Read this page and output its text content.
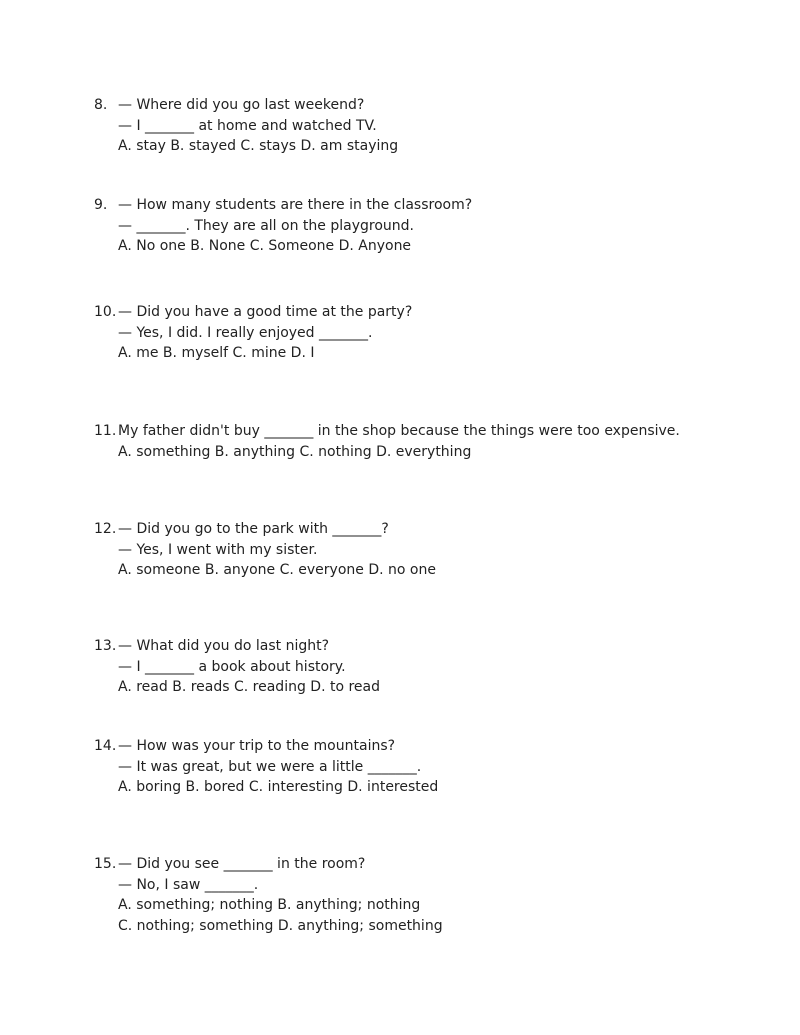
8. — Where did you go last weekend?
— I _______ at home and watched TV.
A. stay B. stayed C. stays D. am staying
9. — How many students are there in the classroom?
— _______. They are all on the playground.
A. No one B. None C. Someone D. Anyone
10. — Did you have a good time at the party?
— Yes, I did. I really enjoyed _______.
A. me B. myself C. mine D. I
11. My father didn't buy _______ in the shop because the things were too expensive.
A. something B. anything C. nothing D. everything
12. — Did you go to the park with _______?
— Yes, I went with my sister.
A. someone B. anyone C. everyone D. no one
13. — What did you do last night?
— I _______ a book about history.
A. read B. reads C. reading D. to read
14. — How was your trip to the mountains?
— It was great, but we were a little _______.
A. boring B. bored C. interesting D. interested
15. — Did you see _______ in the room?
— No, I saw _______.
A. something; nothing B. anything; nothing
C. nothing; something D. anything; something
